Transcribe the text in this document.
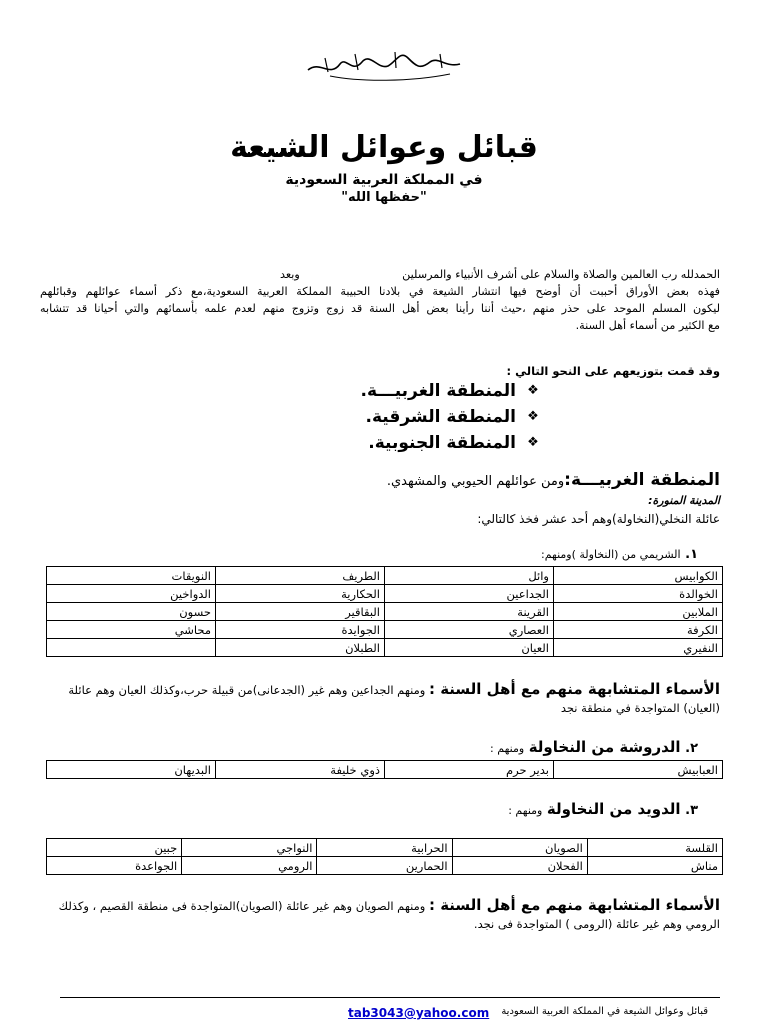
قبائل وعوائل الشيعة
في المملكة العربية السعودية
"حفظها الله"
الحمدلله رب العالمين والصلاة والسلام على أشرف الأنبياء والمرسلين
وبعد
فهذه بعض الأوراق أحببت أن أوضح فيها انتشار الشيعة في بلادنا الحبيبة المملكة العربية السعودية،مع ذكر أسماء عوائلهم وقبائلهم
ليكون المسلم الموحد على حذر منهم ،حيث أننا رأينا بعض أهل السنة قد زوج وتزوج منهم لعدم علمه بأسمائهم والتي أحيانا قد تتشابه
مع الكثير من أسماء أهل السنة.
وقد قمت بتوزيعهم على النحو التالي :
❖
المنطقة الغربيـــة.
❖
المنطقة الشرقية.
❖
المنطقة الجنوبية.
المنطقة الغربيـــة:ومن عوائلهم الحيوبي والمشهدي.
المدينة المنورة:
عائلة النخلي(النخاولة)وهم أحد عشر فخذ كالتالي:
١. الشريمي من (النخاولة )ومنهم:
الكوابيس	وائل	الطريف	النويقات
الخوالدة	الجداعين	الحكارية	الدواخين
الملابين	القرينة	البقاقير	حسون
الكرفة	العصاري	الجوايدة	محاشي
النفيري	العيان	الطبلان	
الأسماء المتشابهة منهم مع أهل السنة : ومنهم الجداعين وهم غير (الجدعانى)من قبيلة حرب،وكذلك العيان وهم عائلة
(العيان) المتواجدة في منطقة نجد
٢. الدروشة من النخاولة ومنهم :
العبابيش	بدير حرم	ذوي خليفة	البديهان
٣. الدويد من النخاولة ومنهم :
القلسة	الصويان	الحرابية	النواجي	جبين
مناش	الفحلان	الحمارين	الرومي	الجواعدة
الأسماء المتشابهة منهم مع أهل السنة : ومنهم الصويان وهم غير عائلة (الصويان)المتواجدة فى منطقة القصيم ، وكذلك
الرومي وهم غير عائلة (الرومى ) المتواجدة فى نجد.
قبائل وعوائل الشيعة في المملكة العربية السعودية
tab3043@yahoo.com
